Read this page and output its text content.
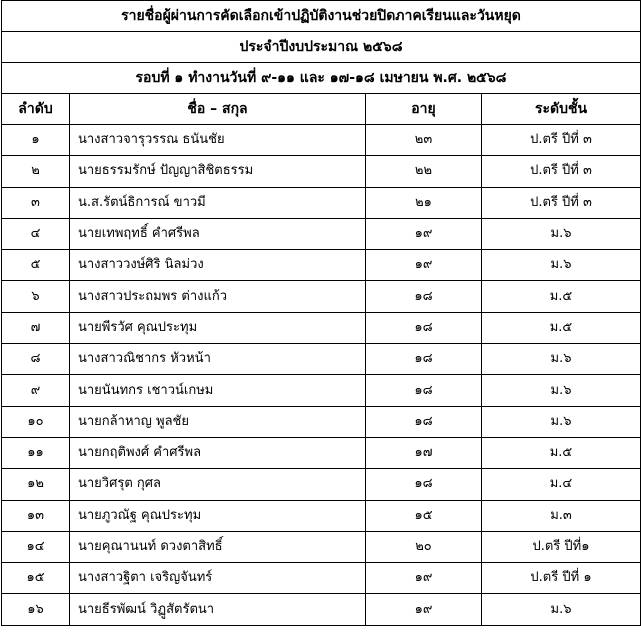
รายชื่อผู้ผ่านการคัดเลือกเข้าปฏิบัติงานช่วยปิดภาคเรียนและวันหยุด			
ประจำปีงบประมาณ ๒๕๖๘			
รอบที่ ๑ ทำงานวันที่ ๙-๑๑ และ ๑๗-๑๘ เมษายน พ.ศ. ๒๕๖๘			
ลำดับ	ชื่อ – สกุล	อายุ	ระดับชั้น
๑	นางสาวจารุวรรณ ธนันชัย	๒๓	ป.ตรี ปีที่ ๓
๒	นายธรรมรักษ์ ปัญญาสิชิตธรรม	๒๒	ป.ตรี ปีที่ ๓
๓	น.ส.รัตน์ธิการณ์ ขาวมี	๒๑	ป.ตรี ปีที่ ๓
๔	นายเทพฤทธิ์ คำศรีพล	๑๙	ม.๖
๕	นางสาววงษ์ศิริ นิลม่วง	๑๙	ม.๖
๖	นางสาวประถมพร ต่างแก้ว	๑๘	ม.๕
๗	นายพีรวัศ คุณประทุม	๑๘	ม.๕
๘	นางสาวณิชากร หัวหน้า	๑๘	ม.๖
๙	นายนันทกร เชาวน์เกษม	๑๘	ม.๖
๑๐	นายกล้าหาญ พูลชัย	๑๘	ม.๖
๑๑	นายกฤติพงศ์ คำศรีพล	๑๗	ม.๕
๑๒	นายวิศรุต กุศล	๑๘	ม.๔
๑๓	นายภูวณัฐ คุณประทุม	๑๕	ม.๓
๑๔	นายคุณานนท์ ดวงตาสิทธิ์	๒๐	ป.ตรี ปีที่๑
๑๕	นางสาวฐิตา เจริญจันทร์	๑๙	ป.ตรี ปีที่ ๑
๑๖	นายธีรพัฒน์ วิฏูสัตรัตนา	๑๙	ม.๖
